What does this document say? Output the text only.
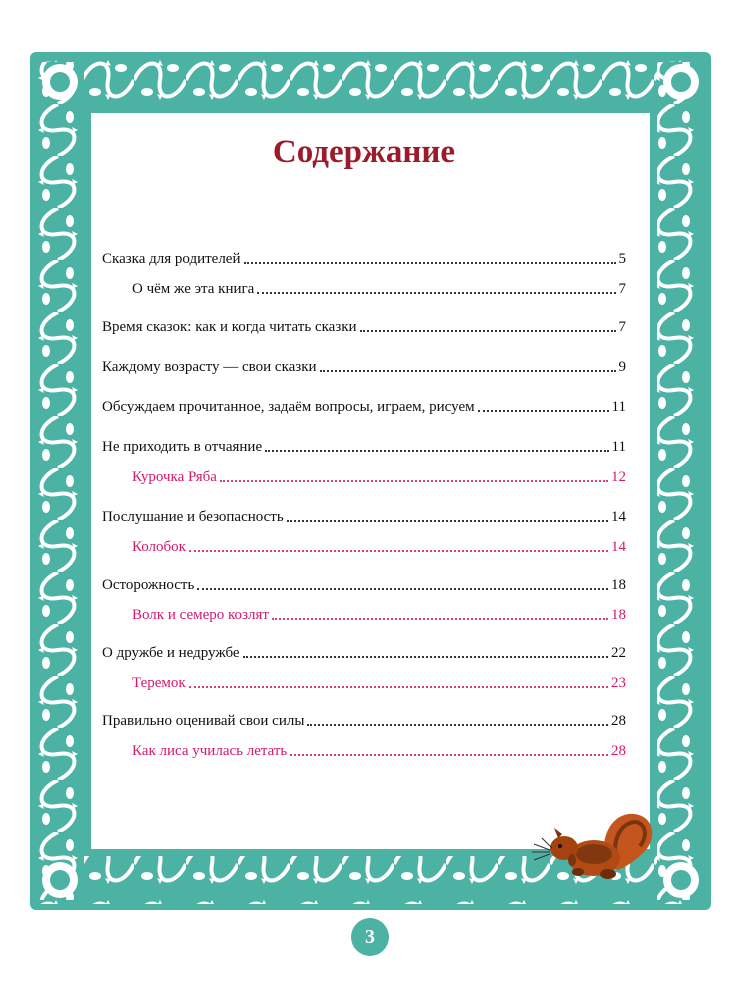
Содержание
Сказка для родителей	5
О чём же эта книга	7
Время сказок: как и когда читать сказки	7
Каждому возрасту — свои сказки	9
Обсуждаем прочитанное, задаём вопросы, играем, рисуем	11
Не приходить в отчаяние	11
Курочка Ряба	12
Послушание и безопасность	14
Колобок	14
Осторожность	18
Волк и семеро козлят	18
О дружбе и недружбе	22
Теремок	23
Правильно оценивай свои силы	28
Как лиса училась летать	28
3
